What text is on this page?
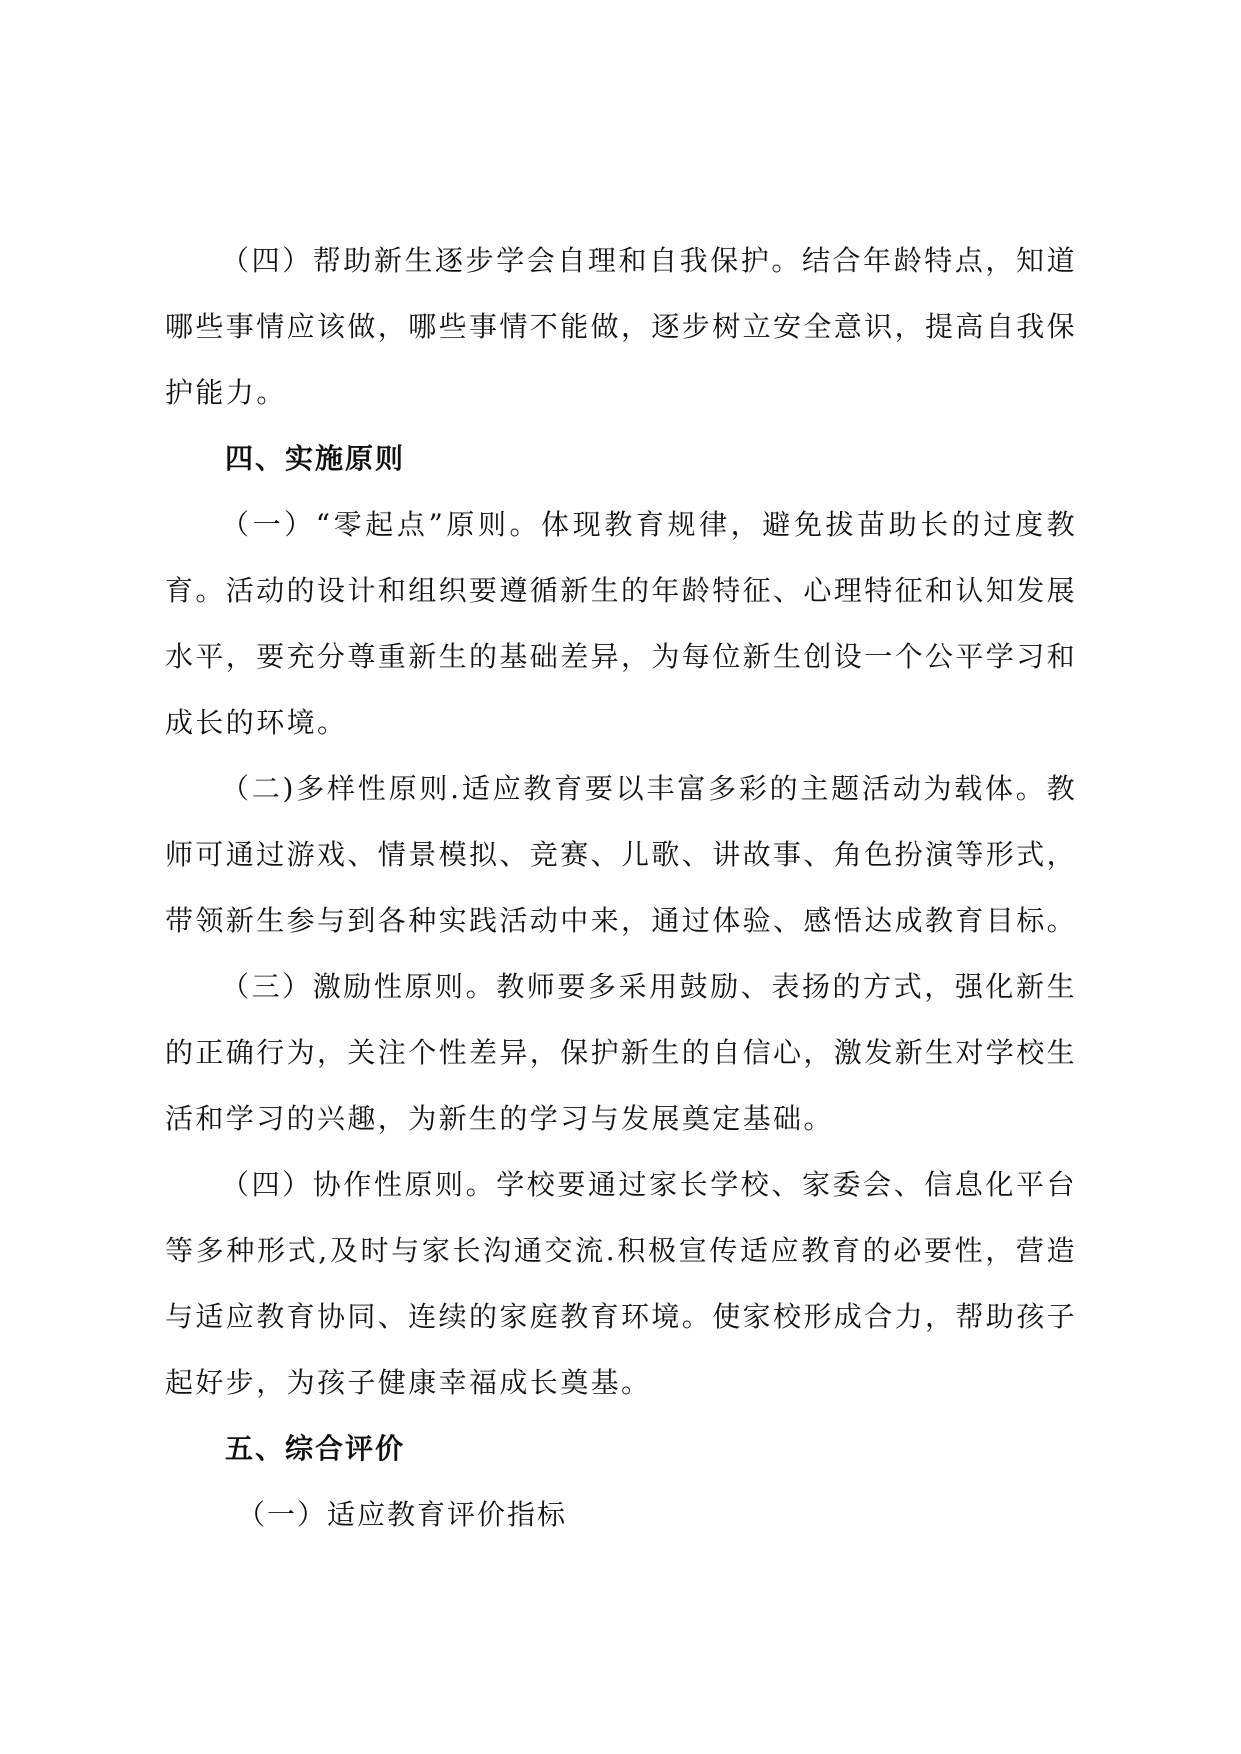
（四）帮助新生逐步学会自理和自我保护。结合年龄特点，知道哪些事情应该做，哪些事情不能做，逐步树立安全意识，提高自我保护能力。

四、实施原则

（一）“零起点”原则。体现教育规律，避免拔苗助长的过度教育。活动的设计和组织要遵循新生的年龄特征、心理特征和认知发展水平，要充分尊重新生的基础差异，为每位新生创设一个公平学习和成长的环境。

（二)多样性原则.适应教育要以丰富多彩的主题活动为载体。教师可通过游戏、情景模拟、竞赛、儿歌、讲故事、角色扮演等形式，带领新生参与到各种实践活动中来，通过体验、感悟达成教育目标。

（三）激励性原则。教师要多采用鼓励、表扬的方式，强化新生的正确行为，关注个性差异，保护新生的自信心，激发新生对学校生活和学习的兴趣，为新生的学习与发展奠定基础。

（四）协作性原则。学校要通过家长学校、家委会、信息化平台等多种形式,及时与家长沟通交流.积极宣传适应教育的必要性，营造与适应教育协同、连续的家庭教育环境。使家校形成合力，帮助孩子起好步，为孩子健康幸福成长奠基。

五、综合评价

（一）适应教育评价指标
